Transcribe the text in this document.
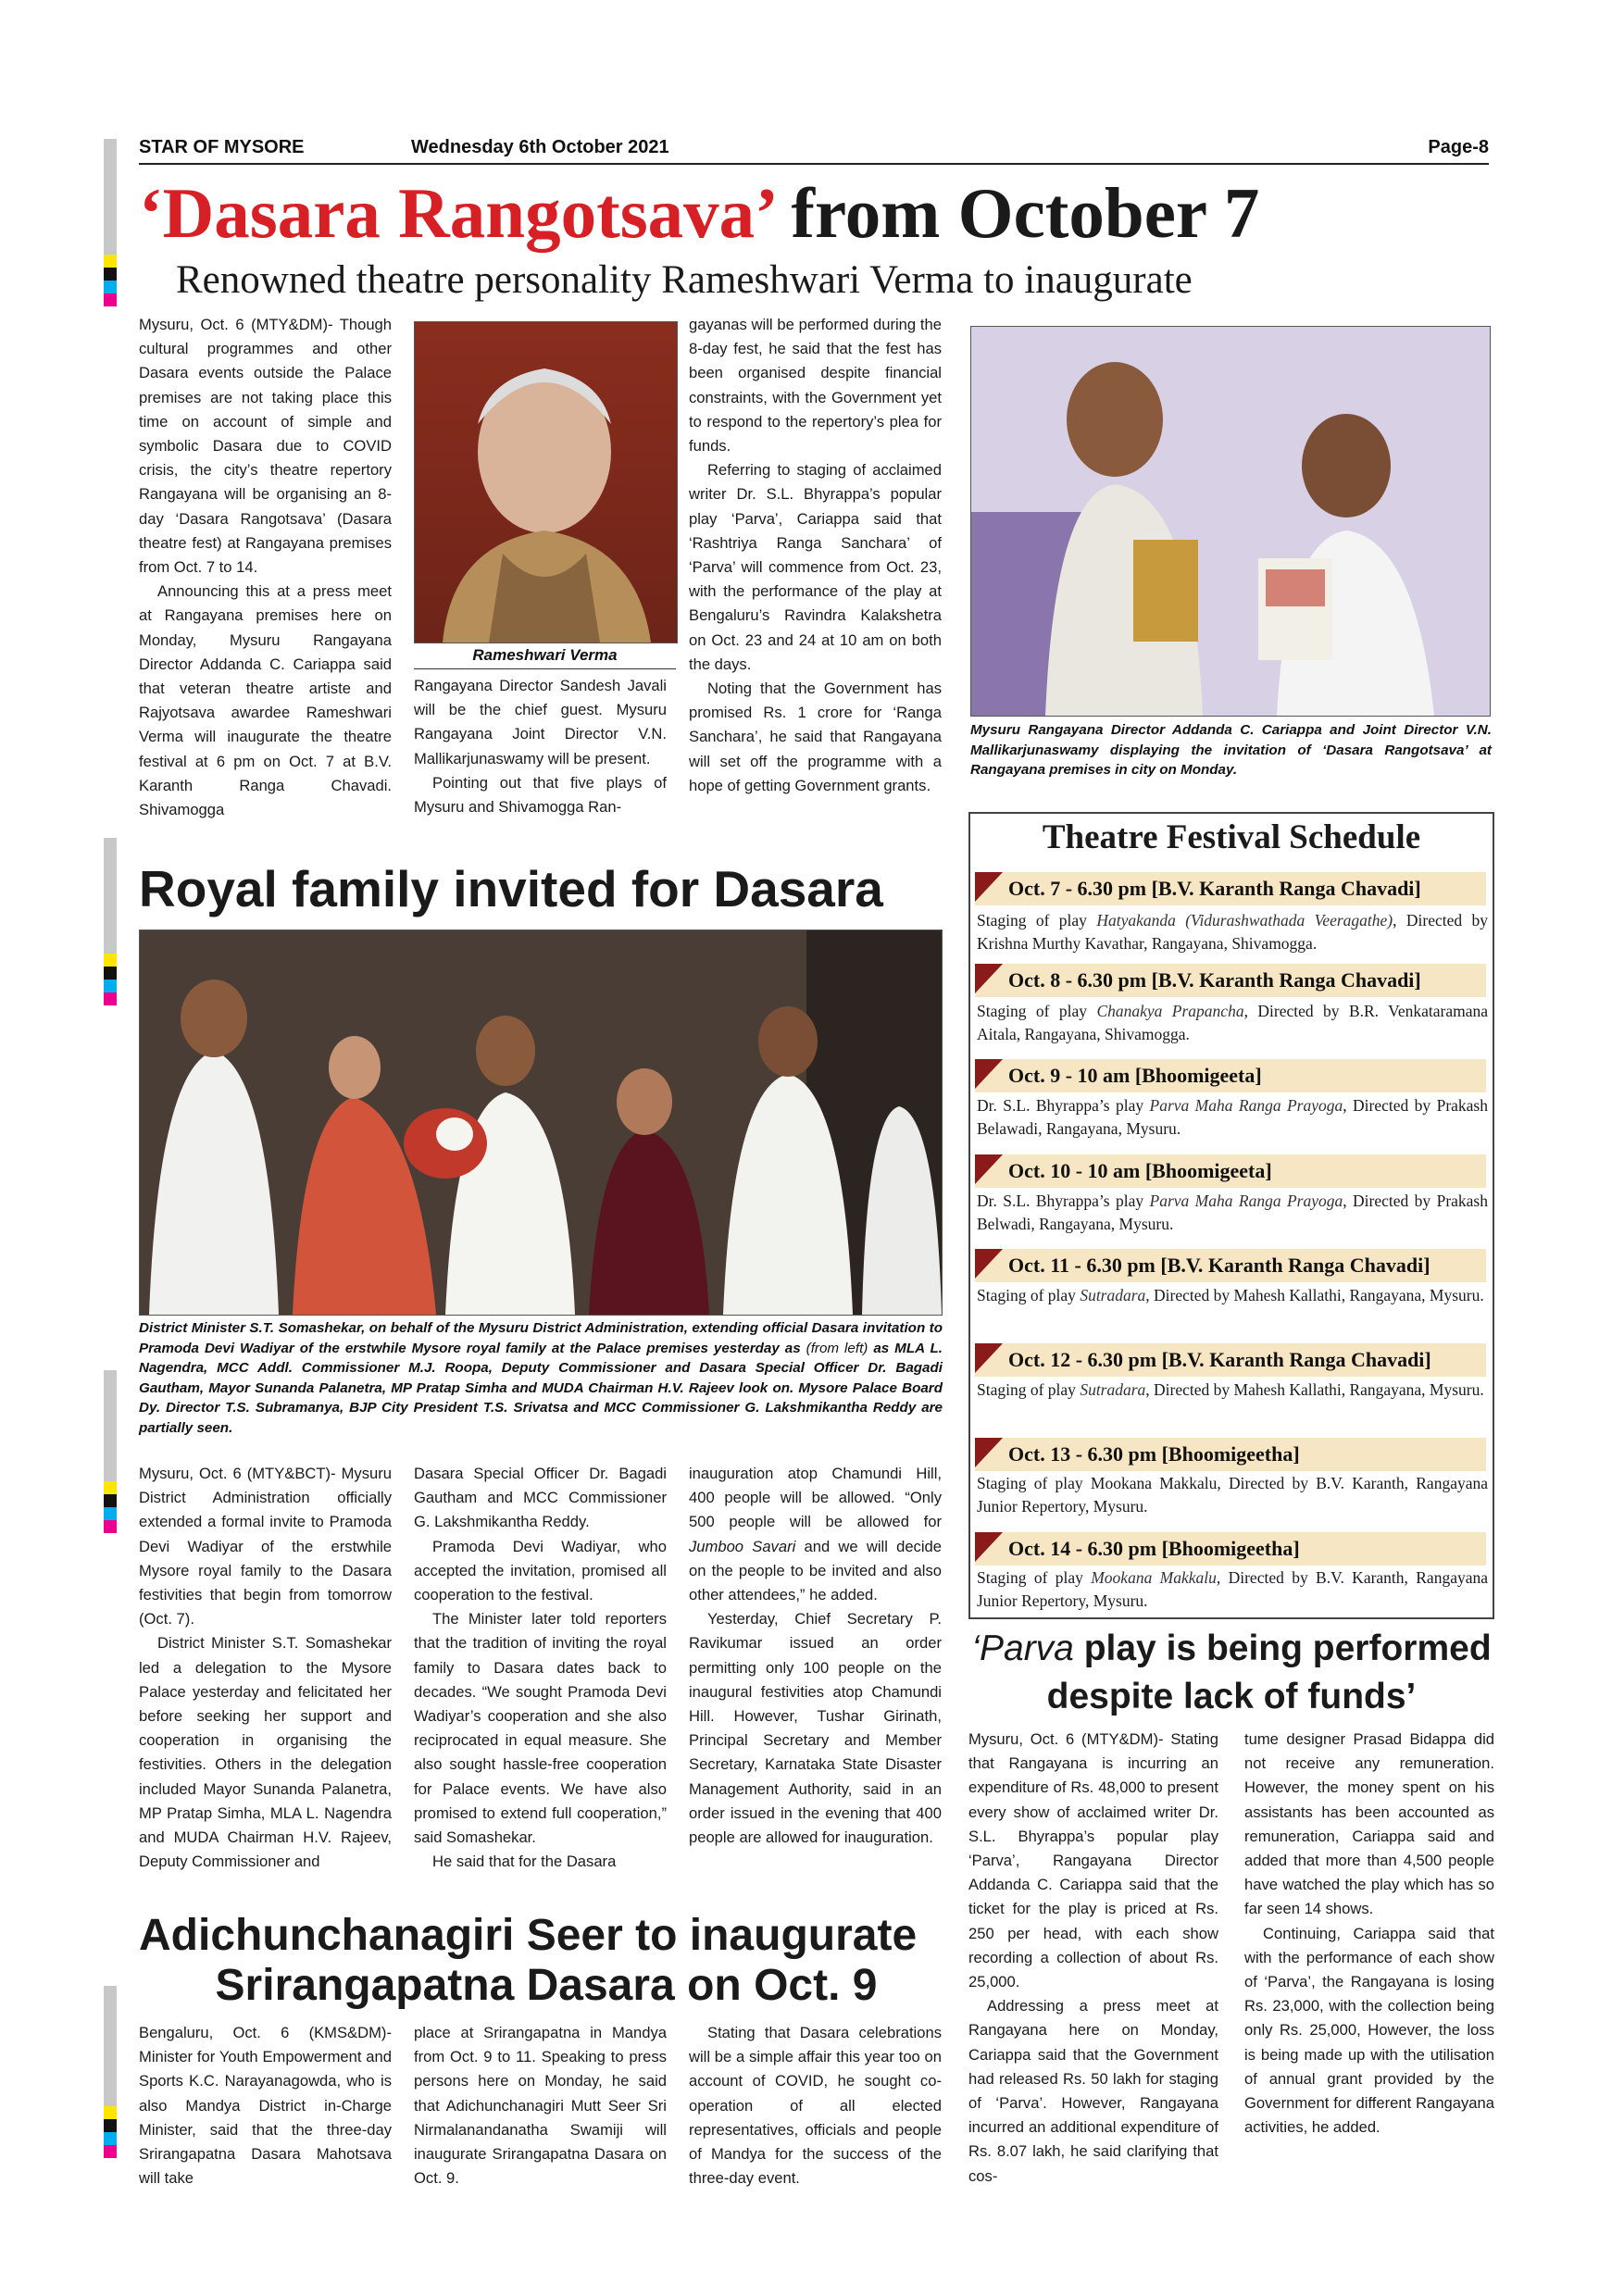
STAR OF MYSORE	Wednesday 6th October 2021	Page-8
‘Dasara Rangotsava’ from October 7
Renowned theatre personality Rameshwari Verma to inaugurate

Mysuru, Oct. 6 (MTY&DM)- Though cultural programmes and other Dasara events outside the Palace premises are not taking place this time on account of simple and symbolic Dasara due to COVID crisis, the city’s theatre repertory Rangayana will be organising an 8-day ‘Dasara Rangotsava’ (Dasara theatre fest) at Rangayana premises from Oct. 7 to 14.

Announcing this at a press meet at Rangayana premises here on Monday, Mysuru Rangayana Director Addanda C. Cariappa said that veteran theatre artiste and Rajyotsava awardee Rameshwari Verma will inaugurate the theatre festival at 6 pm on Oct. 7 at B.V. Karanth Ranga Chavadi. Shivamogga

Rameshwari Verma

Rangayana Director Sandesh Javali will be the chief guest. Mysuru Rangayana Joint Director V.N. Mallikarjunaswamy will be present.

Pointing out that five plays of Mysuru and Shivamogga Ran-

gayanas will be performed during the 8-day fest, he said that the fest has been organised despite financial constraints, with the Government yet to respond to the repertory’s plea for funds.

Referring to staging of acclaimed writer Dr. S.L. Bhyrappa’s popular play ‘Parva’, Cariappa said that ‘Rashtriya Ranga Sanchara’ of ‘Parva’ will commence from Oct. 23, with the performance of the play at Bengaluru’s Ravindra Kalakshetra on Oct. 23 and 24 at 10 am on both the days.

Noting that the Government has promised Rs. 1 crore for ‘Ranga Sanchara’, he said that Rangayana will set off the programme with a hope of getting Government grants.

Mysuru Rangayana Director Addanda C. Cariappa and Joint Director V.N. Mallikarjunaswamy displaying the invitation of ‘Dasara Rangotsava’ at Rangayana premises in city on Monday.
Theatre Festival Schedule
Oct. 7 - 6.30 pm [B.V. Karanth Ranga Chavadi]
Staging of play Hatyakanda (Vidurashwathada Veeragathe), Directed by Krishna Murthy Kavathar, Rangayana, Shivamogga.
Oct. 8 - 6.30 pm [B.V. Karanth Ranga Chavadi]
Staging of play Chanakya Prapancha, Directed by B.R. Venkataramana Aitala, Rangayana, Shivamogga.
Oct. 9 - 10 am [Bhoomigeeta]
Dr. S.L. Bhyrappa’s play Parva Maha Ranga Prayoga, Directed by Prakash Belawadi, Rangayana, Mysuru.
Oct. 10 - 10 am [Bhoomigeeta]
Dr. S.L. Bhyrappa’s play Parva Maha Ranga Prayoga, Directed by Prakash Belwadi, Rangayana, Mysuru.
Oct. 11 - 6.30 pm [B.V. Karanth Ranga Chavadi]
Staging of play Sutradara, Directed by Mahesh Kallathi, Rangayana, Mysuru.
Oct. 12 - 6.30 pm [B.V. Karanth Ranga Chavadi]
Staging of play Sutradara, Directed by Mahesh Kallathi, Rangayana, Mysuru.
Oct. 13 - 6.30 pm [Bhoomigeetha]
Staging of play Mookana Makkalu, Directed by B.V. Karanth, Rangayana Junior Repertory, Mysuru.
Oct. 14 - 6.30 pm [Bhoomigeetha]
Staging of play Mookana Makkalu, Directed by B.V. Karanth, Rangayana Junior Repertory, Mysuru.
Royal family invited for Dasara
District Minister S.T. Somashekar, on behalf of the Mysuru District Administration, extending official Dasara invitation to Pramoda Devi Wadiyar of the erstwhile Mysore royal family at the Palace premises yesterday as (from left) as MLA L. Nagendra, MCC Addl. Commissioner M.J. Roopa, Deputy Commissioner and Dasara Special Officer Dr. Bagadi Gautham, Mayor Sunanda Palanetra, MP Pratap Simha and MUDA Chairman H.V. Rajeev look on. Mysore Palace Board Dy. Director T.S. Subramanya, BJP City President T.S. Srivatsa and MCC Commissioner G. Lakshmikantha Reddy are partially seen.

Mysuru, Oct. 6 (MTY&BCT)- Mysuru District Administration officially extended a formal invite to Pramoda Devi Wadiyar of the erstwhile Mysore royal family to the Dasara festivities that begin from tomorrow (Oct. 7).

District Minister S.T. Somashekar led a delegation to the Mysore Palace yesterday and felicitated her before seeking her support and cooperation in organising the festivities. Others in the delegation included Mayor Sunanda Palanetra, MP Pratap Simha, MLA L. Nagendra and MUDA Chairman H.V. Rajeev, Deputy Commissioner and

Dasara Special Officer Dr. Bagadi Gautham and MCC Commissioner G. Lakshmikantha Reddy.

Pramoda Devi Wadiyar, who accepted the invitation, promised all cooperation to the festival.

The Minister later told reporters that the tradition of inviting the royal family to Dasara dates back to decades. “We sought Pramoda Devi Wadiyar’s cooperation and she also reciprocated in equal measure. She also sought hassle-free cooperation for Palace events. We have also promised to extend full cooperation,” said Somashekar.

He said that for the Dasara

inauguration atop Chamundi Hill, 400 people will be allowed. “Only 500 people will be allowed for Jumboo Savari and we will decide on the people to be invited and also other attendees,” he added.

Yesterday, Chief Secretary P. Ravikumar issued an order permitting only 100 people on the inaugural festivities atop Chamundi Hill. However, Tushar Girinath, Principal Secretary and Member Secretary, Karnataka State Disaster Management Authority, said in an order issued in the evening that 400 people are allowed for inauguration.

Adichunchanagiri Seer to inaugurate
Srirangapatna Dasara on Oct. 9

Bengaluru, Oct. 6 (KMS&DM)- Minister for Youth Empowerment and Sports K.C. Narayanagowda, who is also Mandya District in-Charge Minister, said that the three-day Srirangapatna Dasara Mahotsava will take

place at Srirangapatna in Mandya from Oct. 9 to 11. Speaking to press persons here on Monday, he said that Adichunchanagiri Mutt Seer Sri Nirmalanandanatha Swamiji will inaugurate Srirangapatna Dasara on Oct. 9.

Stating that Dasara celebrations will be a simple affair this year too on account of COVID, he sought co-operation of all elected representatives, officials and people of Mandya for the success of the three-day event.

‘Parva play is being performed
despite lack of funds’

Mysuru, Oct. 6 (MTY&DM)- Stating that Rangayana is incurring an expenditure of Rs. 48,000 to present every show of acclaimed writer Dr. S.L. Bhyrappa’s popular play ‘Parva’, Rangayana Director Addanda C. Cariappa said that the ticket for the play is priced at Rs. 250 per head, with each show recording a collection of about Rs. 25,000.

Addressing a press meet at Rangayana here on Monday, Cariappa said that the Government had released Rs. 50 lakh for staging of ‘Parva’. However, Rangayana incurred an additional expenditure of Rs. 8.07 lakh, he said clarifying that cos-

tume designer Prasad Bidappa did not receive any remuneration. However, the money spent on his assistants has been accounted as remuneration, Cariappa said and added that more than 4,500 people have watched the play which has so far seen 14 shows.

Continuing, Cariappa said that with the performance of each show of ‘Parva’, the Rangayana is losing Rs. 23,000, with the collection being only Rs. 25,000, However, the loss is being made up with the utilisation of annual grant provided by the Government for different Rangayana activities, he added.
